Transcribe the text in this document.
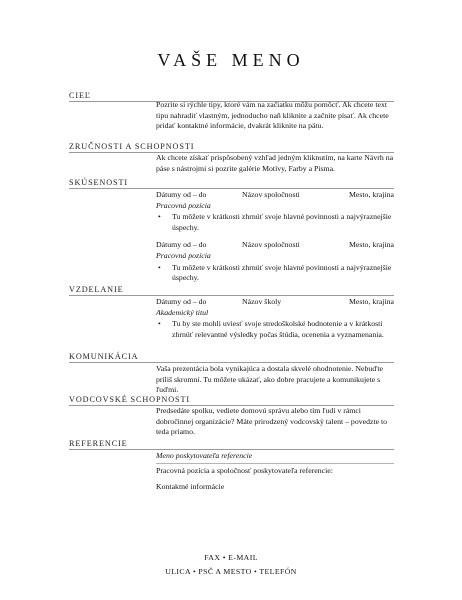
VAŠE MENO
CIEĽ
Pozrite si rýchle tipy, ktoré vám na začiatku môžu pomôcť. Ak chcete text tipu nahradiť vlastným, jednoducho naň kliknite a začnite písať. Ak chcete pridať kontaktné informácie, dvakrát kliknite na pätu.
ZRUČNOSTI A SCHOPNOSTI
Ak chcete získať prispôsobený vzhľad jedným kliknutím, na karte Návrh na páse s nástrojmi si pozrite galérie Motívy, Farby a Písma.
SKÚSENOSTI
Dátumy od – do	Názov spoločnosti	Mesto, krajina
Pracovná pozícia
•	Tu môžete v krátkosti zhrnúť svoje hlavné povinnosti a najvýraznejšie úspechy.
Dátumy od – do	Názov spoločnosti	Mesto, krajina
Pracovná pozícia
•	Tu môžete v krátkosti zhrnúť svoje hlavné povinnosti a najvýraznejšie úspechy.
VZDELANIE
Dátumy od – do	Názov školy	Mesto, krajina
Akademický titul
•	Tu by ste mohli uviesť svoje stredoškolské hodnotenie a v krátkosti zhrnúť relevantné výsledky počas štúdia, ocenenia a vyznamenania.
KOMUNIKÁCIA
Vaša prezentácia bola vynikajúca a dostala skvelé ohodnotenie. Nebuďte príliš skromní. Tu môžete ukázať, ako dobre pracujete a komunikujete s ľuďmi.
VODCOVSKÉ SCHOPNOSTI
Predsedáte spolku, vediete domovú správu alebo tím ľudí v rámci dobročinnej organizácie? Máte prirodzený vodcovský talent – povedzte to teda priamo.
REFERENCIE
Meno poskytovateľa referencie
Pracovná pozícia a spoločnosť poskytovateľa referencie:
Kontaktné informácie
FAX • E-MAIL
ULICA • PSČ A MESTO • TELEFÓN
